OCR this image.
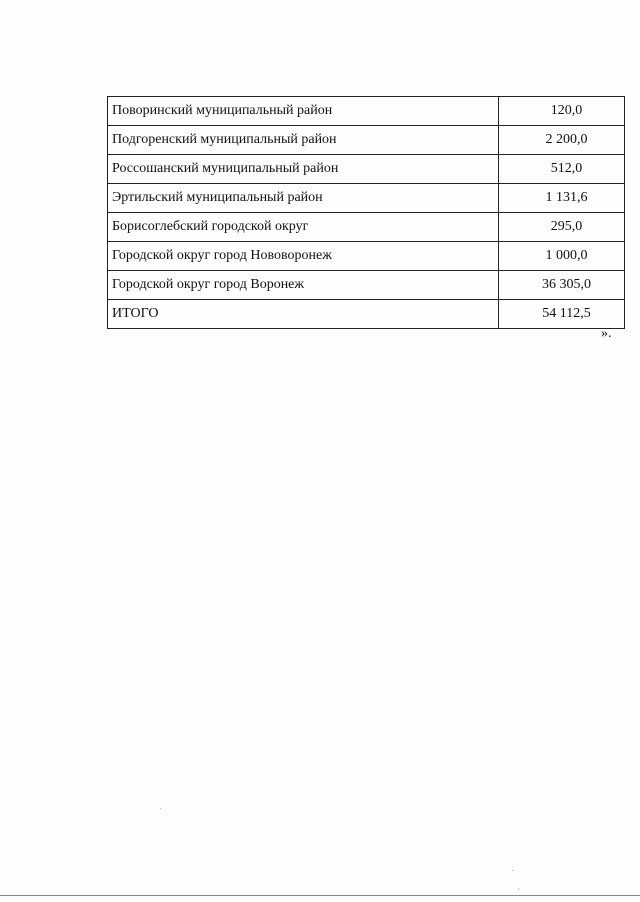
Поворинский муниципальный район	120,0
Подгоренский муниципальный район	2 200,0
Россошанский муниципальный район	512,0
Эртильский муниципальный район	1 131,6
Борисоглебский городской округ	295,0
Городской округ город Нововоронеж	1 000,0
Городской округ город Воронеж	36 305,0
ИТОГО	54 112,5
».
